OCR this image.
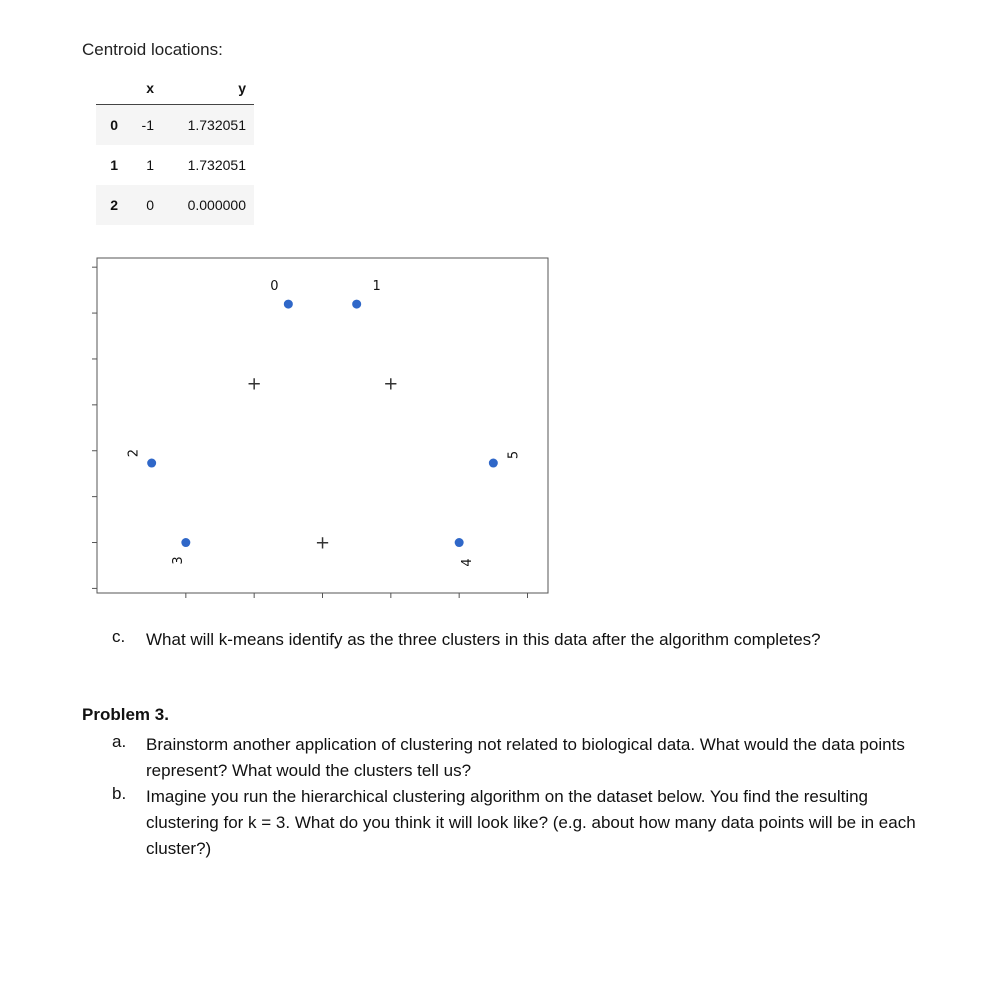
Centroid locations:
	x	y
0	-1	1.732051
1	1	1.732051
2	0	0.000000
0	1
2
3	4
5
+	+
+
c. What will k-means identify as the three clusters in this data after the algorithm completes?
Problem 3.
a. Brainstorm another application of clustering not related to biological data. What would the data points represent? What would the clusters tell us?
b. Imagine you run the hierarchical clustering algorithm on the dataset below. You find the resulting clustering for k = 3. What do you think it will look like? (e.g. about how many data points will be in each cluster?)
